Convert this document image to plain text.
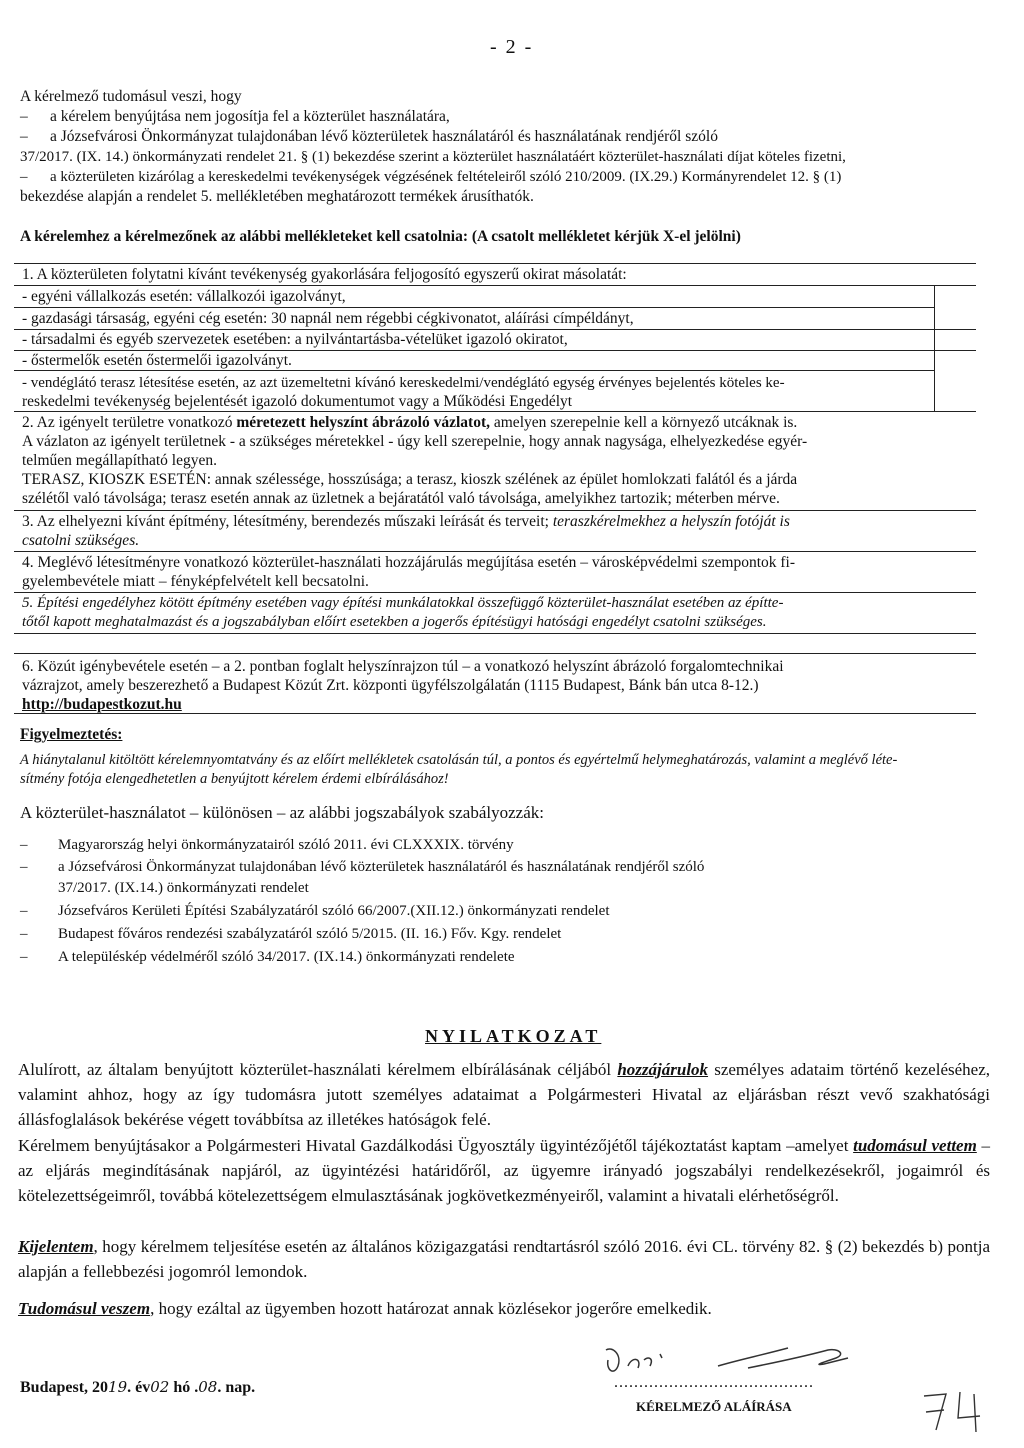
- 2 -
A kérelmező tudomásul veszi, hogy
– a kérelem benyújtása nem jogosítja fel a közterület használatára,
– a Józsefvárosi Önkormányzat tulajdonában lévő közterületek használatáról és használatának rendjéről szóló
37/2017. (IX. 14.) önkormányzati rendelet 21. § (1) bekezdése szerint a közterület használatáért közterület-használati díjat köteles fizetni,
– a közterületen kizárólag a kereskedelmi tevékenységek végzésének feltételeiről szóló 210/2009. (IX.29.) Kormányrendelet 12. § (1)
bekezdése alapján a rendelet 5. mellékletében meghatározott termékek árusíthatók.
A kérelemhez a kérelmezőnek az alábbi mellékleteket kell csatolnia: (A csatolt mellékletet kérjük X-el jelölni)
1. A közterületen folytatni kívánt tevékenység gyakorlására feljogosító egyszerű okirat másolatát:
- egyéni vállalkozás esetén: vállalkozói igazolványt,
- gazdasági társaság, egyéni cég esetén: 30 napnál nem régebbi cégkivonatot, aláírási címpéldányt,
- társadalmi és egyéb szervezetek esetében: a nyilvántartásba-vételüket igazoló okiratot,
- őstermelők esetén őstermelői igazolványt.
- vendéglátó terasz létesítése esetén, az azt üzemeltetni kívánó kereskedelmi/vendéglátó egység érvényes bejelentés köteles ke-
reskedelmi tevékenység bejelentését igazoló dokumentumot vagy a Működési Engedélyt
2. Az igényelt területre vonatkozó méretezett helyszínt ábrázoló vázlatot, amelyen szerepelnie kell a környező utcáknak is.
A vázlaton az igényelt területnek - a szükséges méretekkel - úgy kell szerepelnie, hogy annak nagysága, elhelyezkedése egyér-
telműen megállapítható legyen.
TERASZ, KIOSZK ESETÉN: annak szélessége, hosszúsága; a terasz, kioszk szélének az épület homlokzati falától és a járda
szélétől való távolsága; terasz esetén annak az üzletnek a bejáratától való távolsága, amelyikhez tartozik; méterben mérve.
3. Az elhelyezni kívánt építmény, létesítmény, berendezés műszaki leírását és terveit; teraszkérelmekhez a helyszín fotóját is
csatolni szükséges.
4. Meglévő létesítményre vonatkozó közterület-használati hozzájárulás megújítása esetén – városképvédelmi szempontok fi-
gyelembevétele miatt – fényképfelvételt kell becsatolni.
5. Építési engedélyhez kötött építmény esetében vagy építési munkálatokkal összefüggő közterület-használat esetében az építte-
tőtől kapott meghatalmazást és a jogszabályban előírt esetekben a jogerős építésügyi hatósági engedélyt csatolni szükséges.
6. Közút igénybevétele esetén – a 2. pontban foglalt helyszínrajzon túl – a vonatkozó helyszínt ábrázoló forgalomtechnikai
vázrajzot, amely beszerezhető a Budapest Közút Zrt. központi ügyfélszolgálatán (1115 Budapest, Bánk bán utca 8-12.)
http://budapestkozut.hu
Figyelmeztetés:
A hiánytalanul kitöltött kérelemnyomtatvány és az előírt mellékletek csatolásán túl, a pontos és egyértelmű helymeghatározás, valamint a meglévő léte-
sítmény fotója elengedhetetlen a benyújtott kérelem érdemi elbírálásához!
A közterület-használatot – különösen – az alábbi jogszabályok szabályozzák:
– Magyarország helyi önkormányzatairól szóló 2011. évi CLXXXIX. törvény
– a Józsefvárosi Önkormányzat tulajdonában lévő közterületek használatáról és használatának rendjéről szóló
37/2017. (IX.14.) önkormányzati rendelet
– Józsefváros Kerületi Építési Szabályzatáról szóló 66/2007.(XII.12.) önkormányzati rendelet
– Budapest főváros rendezési szabályzatáról szóló 5/2015. (II. 16.) Főv. Kgy. rendelet
– A településkép védelméről szóló 34/2017. (IX.14.) önkormányzati rendelete
NYILATKOZAT
Alulírott, az általam benyújtott közterület-használati kérelmem elbírálásának céljából hozzájárulok személyes adataim történő kezeléséhez, valamint ahhoz, hogy az így tudomásra jutott személyes adataimat a Polgármesteri Hivatal az eljárásban részt vevő szakhatósági állásfoglalások bekérése végett továbbítsa az illetékes hatóságok felé.
Kérelmem benyújtásakor a Polgármesteri Hivatal Gazdálkodási Ügyosztály ügyintézőjétől tájékoztatást kaptam –amelyet tudomásul vettem – az eljárás megindításának napjáról, az ügyintézési határidőről, az ügyemre irányadó jogszabályi rendelkezésekről, jogaimról és kötelezettségeimről, továbbá kötelezettségem elmulasztásának jogkövetkezményeiről, valamint a hivatali elérhetőségről.
Kijelentem, hogy kérelmem teljesítése esetén az általános közigazgatási rendtartásról szóló 2016. évi CL. törvény 82. § (2) bekezdés b) pontja alapján a fellebbezési jogomról lemondok.
Tudomásul veszem, hogy ezáltal az ügyemben hozott határozat annak közlésekor jogerőre emelkedik.
Budapest, 2019. év02 hó .08. nap.	........................................
KÉRELMEZŐ ALÁÍRÁSA
